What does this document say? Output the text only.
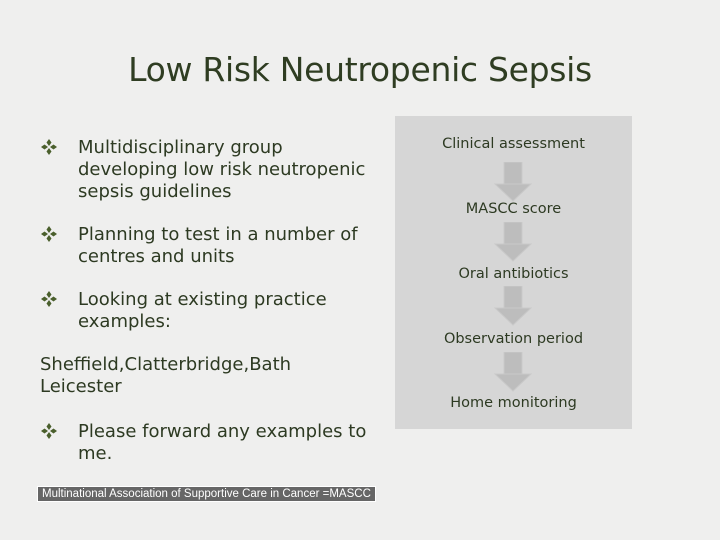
Low Risk Neutropenic Sepsis
Multidisciplinary group developing low risk neutropenic sepsis guidelines
Planning to test in a number of centres and units
Looking at existing practice examples:
Sheffield,Clatterbridge,Bath
Leicester
Please forward any examples to me.
Multinational Association of Supportive Care in Cancer =MASCC
Clinical assessment
MASCC score
Oral antibiotics
Observation period
Home monitoring
